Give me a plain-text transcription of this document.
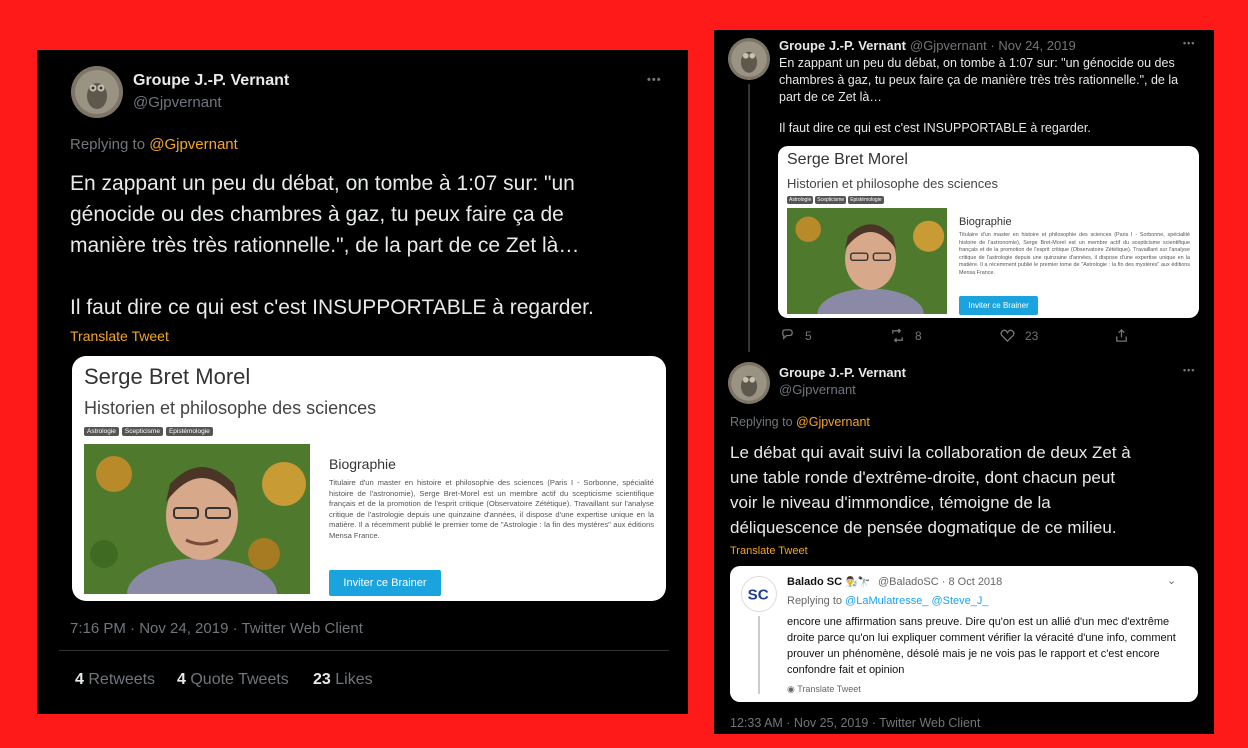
Groupe J.-P. Vernant
@Gjpvernant
•••
Replying to @Gjpvernant
En zappant un peu du débat, on tombe à 1:07 sur: "un
génocide ou des chambres à gaz, tu peux faire ça de
manière très très rationnelle.", de la part de ce Zet là…
Il faut dire ce qui est c'est INSUPPORTABLE à regarder.
Translate Tweet
Serge Bret Morel
Historien et philosophe des sciences
Astrologie	Scepticisme	Epistémologie
Biographie
Titulaire d'un master en histoire et philosophie des sciences (Paris I - Sorbonne, spécialité histoire de l'astronomie), Serge Bret-Morel est un membre actif du scepticisme scientifique français et de la promotion de l'esprit critique (Observatoire Zététique). Travaillant sur l'analyse critique de l'astrologie depuis une quinzaine d'années, il dispose d'une expertise unique en la matière. Il a récemment publié le premier tome de "Astrologie : la fin des mystères" aux éditions Mensa France.
Inviter ce Brainer
7:16 PM · Nov 24, 2019 · Twitter Web Client
4 Retweets 4 Quote Tweets 23 Likes
Groupe J.-P. Vernant @Gjpvernant · Nov 24, 2019	•••
En zappant un peu du débat, on tombe à 1:07 sur: "un génocide ou des
chambres à gaz, tu peux faire ça de manière très très rationnelle.", de la
part de ce Zet là…
Il faut dire ce qui est c'est INSUPPORTABLE à regarder.
Serge Bret Morel
Historien et philosophe des sciences
Astrologie	Scepticisme	Epistémologie
Biographie
Titulaire d'un master en histoire et philosophie des sciences (Paris I - Sorbonne, spécialité histoire de l'astronomie), Serge Bret-Morel est un membre actif du scepticisme scientifique français et de la promotion de l'esprit critique (Observatoire Zététique). Travaillant sur l'analyse critique de l'astrologie depuis une quinzaine d'années, il dispose d'une expertise unique en la matière. Il a récemment publié le premier tome de "Astrologie : la fin des mystères" aux éditions Mensa France.
Inviter ce Brainer
5	8	23
Groupe J.-P. Vernant
@Gjpvernant
•••
Replying to @Gjpvernant
Le débat qui avait suivi la collaboration de deux Zet à
une table ronde d'extrême-droite, dont chacun peut
voir le niveau d'immondice, témoigne de la
déliquescence de pensée dogmatique de ce milieu.
Translate Tweet
SC
Balado SC 👨‍🔬🔭 @BaladoSC · 8 Oct 2018	⌄
Replying to @LaMulatresse_ @Steve_J_
encore une affirmation sans preuve. Dire qu'on est un allié d'un mec d'extrême droite parce qu'on lui expliquer comment vérifier la véracité d'une info, comment prouver un phénomène, désolé mais je ne vois pas le rapport et c'est encore confondre fait et opinion
◉ Translate Tweet
12:33 AM · Nov 25, 2019 · Twitter Web Client
